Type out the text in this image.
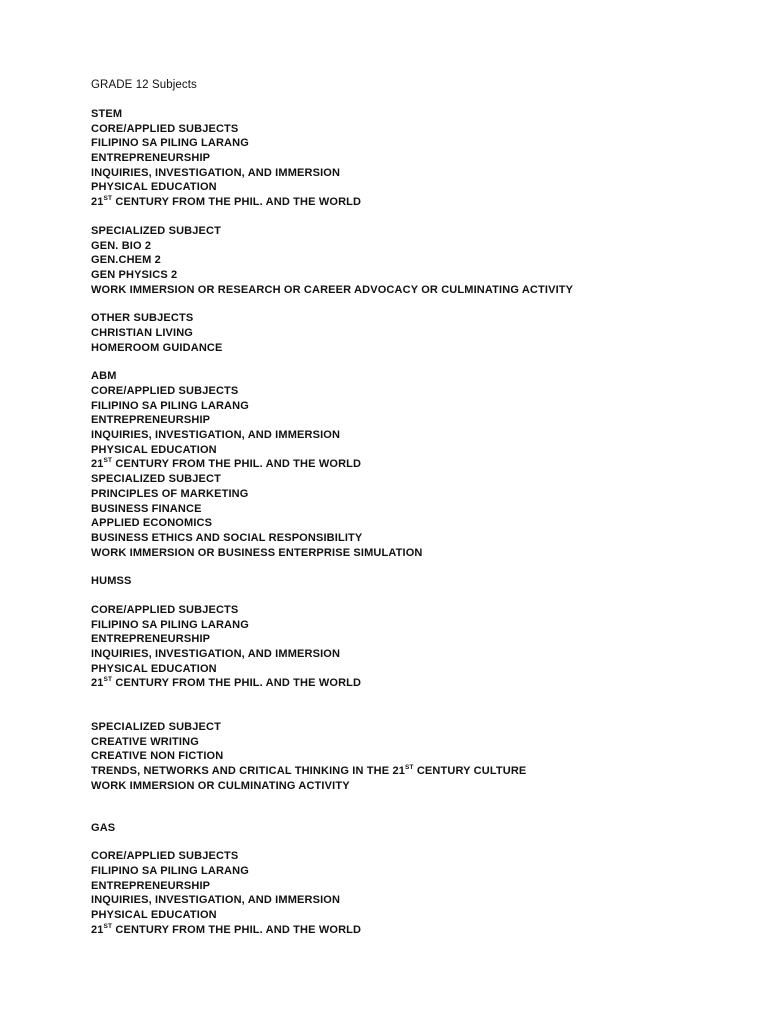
GRADE 12 Subjects
STEM
CORE/APPLIED SUBJECTS
FILIPINO SA PILING LARANG
ENTREPRENEURSHIP
INQUIRIES, INVESTIGATION, AND IMMERSION
PHYSICAL EDUCATION
21ST CENTURY FROM THE PHIL. AND THE WORLD
SPECIALIZED SUBJECT
GEN. BIO 2
GEN.CHEM 2
GEN PHYSICS 2
WORK IMMERSION OR RESEARCH OR CAREER ADVOCACY OR CULMINATING ACTIVITY
OTHER SUBJECTS
CHRISTIAN LIVING
HOMEROOM GUIDANCE
ABM
CORE/APPLIED SUBJECTS
FILIPINO SA PILING LARANG
ENTREPRENEURSHIP
INQUIRIES, INVESTIGATION, AND IMMERSION
PHYSICAL EDUCATION
21ST CENTURY FROM THE PHIL. AND THE WORLD
SPECIALIZED SUBJECT
PRINCIPLES OF MARKETING
BUSINESS FINANCE
APPLIED ECONOMICS
BUSINESS ETHICS AND SOCIAL RESPONSIBILITY
WORK IMMERSION OR BUSINESS ENTERPRISE SIMULATION
HUMSS
CORE/APPLIED SUBJECTS
FILIPINO SA PILING LARANG
ENTREPRENEURSHIP
INQUIRIES, INVESTIGATION, AND IMMERSION
PHYSICAL EDUCATION
21ST CENTURY FROM THE PHIL. AND THE WORLD
SPECIALIZED SUBJECT
CREATIVE WRITING
CREATIVE NON FICTION
TRENDS, NETWORKS AND CRITICAL THINKING IN THE 21ST CENTURY CULTURE
WORK IMMERSION OR CULMINATING ACTIVITY
GAS
CORE/APPLIED SUBJECTS
FILIPINO SA PILING LARANG
ENTREPRENEURSHIP
INQUIRIES, INVESTIGATION, AND IMMERSION
PHYSICAL EDUCATION
21ST CENTURY FROM THE PHIL. AND THE WORLD
